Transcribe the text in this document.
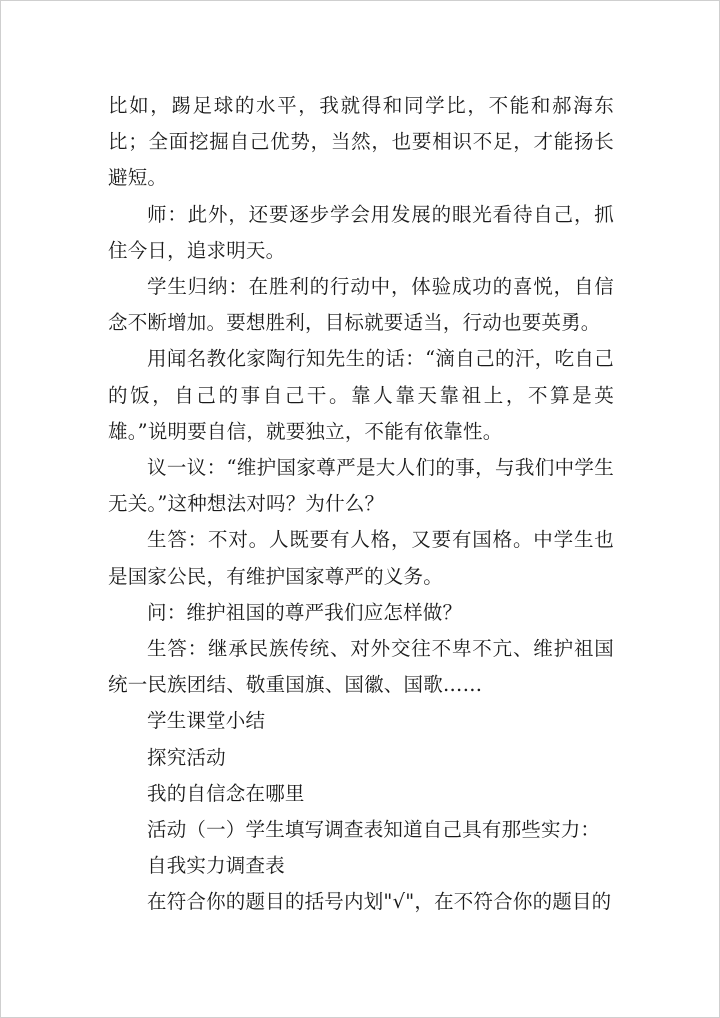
比如，踢足球的水平，我就得和同学比，不能和郝海东比；全面挖掘自己优势，当然，也要相识不足，才能扬长避短。

师：此外，还要逐步学会用发展的眼光看待自己，抓住今日，追求明天。

学生归纳：在胜利的行动中，体验成功的喜悦，自信念不断增加。要想胜利，目标就要适当，行动也要英勇。

用闻名教化家陶行知先生的话：“滴自己的汗，吃自己的饭，自己的事自己干。靠人靠天靠祖上，不算是英雄。”说明要自信，就要独立，不能有依靠性。

议一议：“维护国家尊严是大人们的事，与我们中学生无关。”这种想法对吗？为什么？

生答：不对。人既要有人格，又要有国格。中学生也是国家公民，有维护国家尊严的义务。

问：维护祖国的尊严我们应怎样做？

生答：继承民族传统、对外交往不卑不亢、维护祖国统一民族团结、敬重国旗、国徽、国歌……

学生课堂小结

探究活动

我的自信念在哪里

活动（一）学生填写调查表知道自己具有那些实力：

自我实力调查表

在符合你的题目的括号内划"√"，在不符合你的题目的
